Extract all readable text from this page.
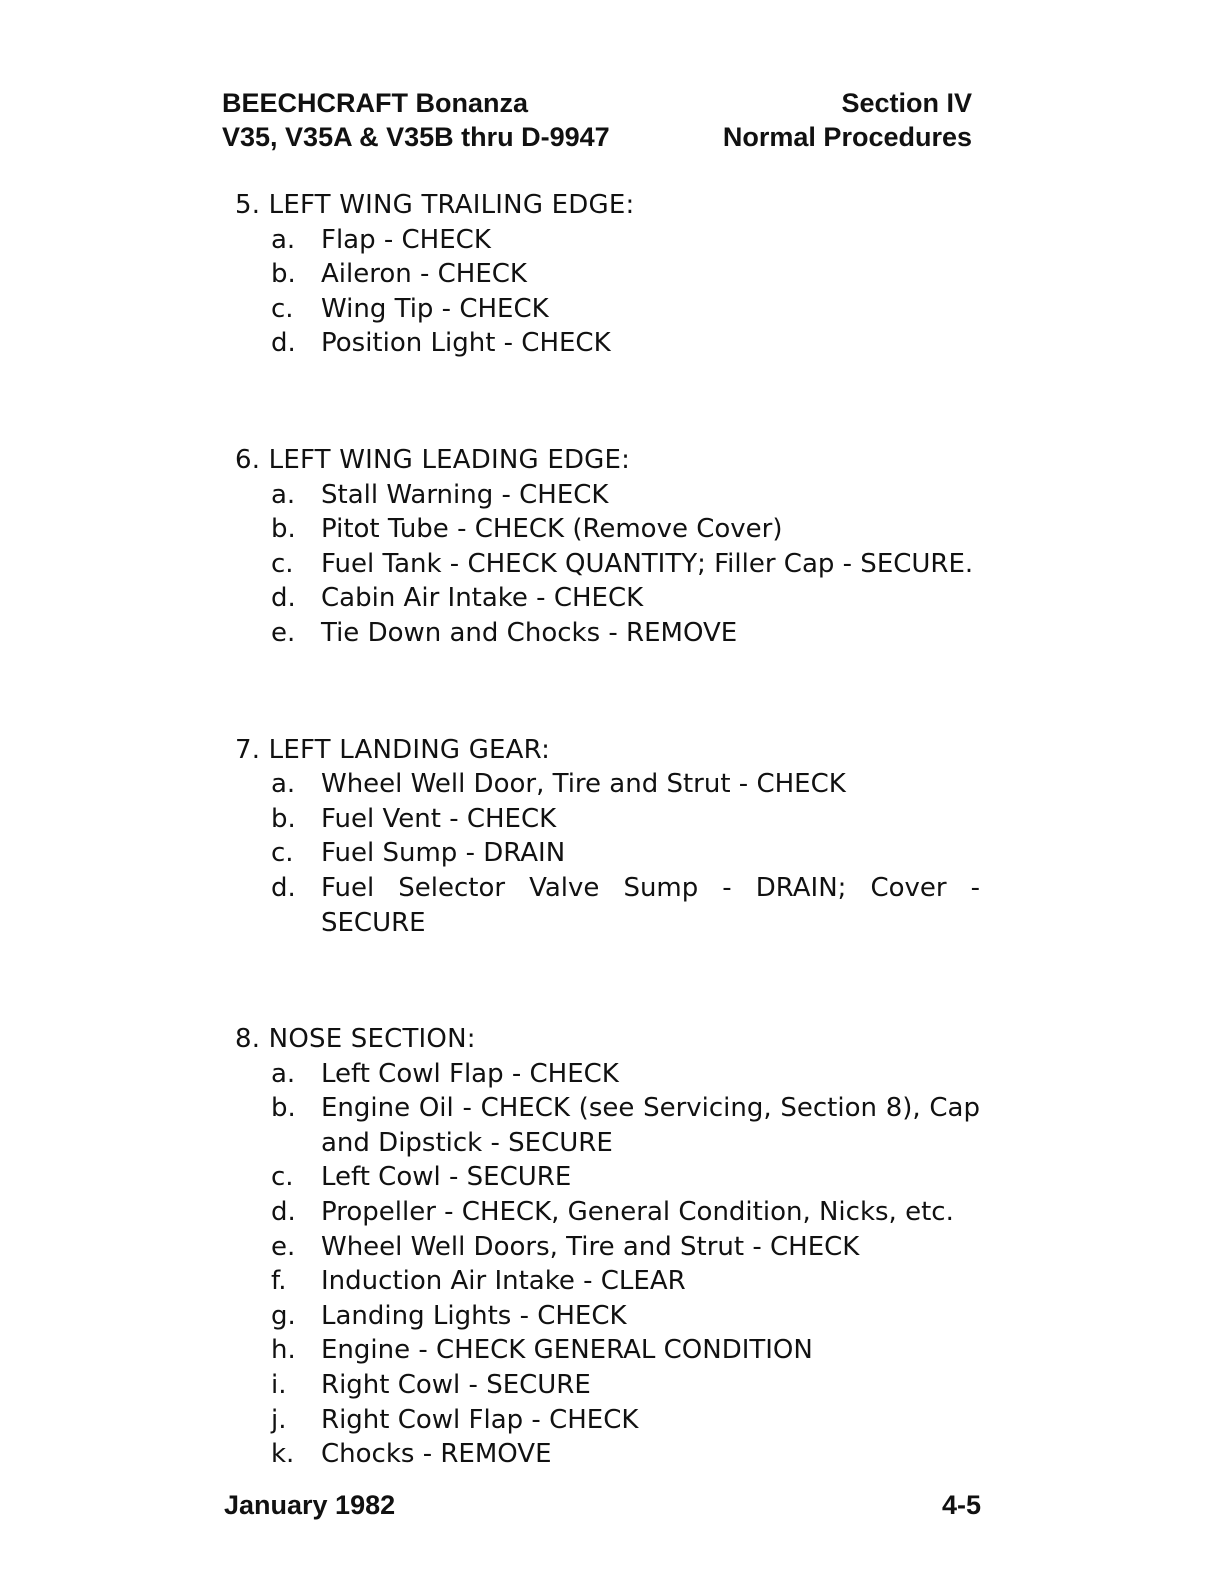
BEECHCRAFT Bonanza
V35, V35A & V35B thru D-9947
Section IV
Normal Procedures
5. LEFT WING TRAILING EDGE:
a. Flap - CHECK
b. Aileron - CHECK
c.	Wing Tip - CHECK
d. Position Light - CHECK
6. LEFT WING LEADING EDGE:
a. Stall Warning - CHECK
b. Pitot Tube - CHECK (Remove Cover)
c.	Fuel Tank - CHECK QUANTITY; Filler Cap - SECURE.
d. Cabin Air Intake - CHECK
e. Tie Down and Chocks - REMOVE
7. LEFT LANDING GEAR:
a. Wheel Well Door, Tire and Strut - CHECK
b. Fuel Vent - CHECK
c.	Fuel Sump - DRAIN
d. Fuel Selector Valve Sump - DRAIN; Cover - SECURE
8. NOSE SECTION:
a. Left Cowl Flap - CHECK
b. Engine Oil - CHECK (see Servicing, Section 8), Cap and Dipstick - SECURE
c.	Left Cowl - SECURE
d. Propeller - CHECK, General Condition, Nicks, etc.
e. Wheel Well Doors, Tire and Strut - CHECK
f.	Induction Air Intake - CLEAR
g. Landing Lights - CHECK
h. Engine - CHECK GENERAL CONDITION
i.	Right Cowl - SECURE
j.	Right Cowl Flap - CHECK
k.	Chocks - REMOVE
January 1982	4-5
